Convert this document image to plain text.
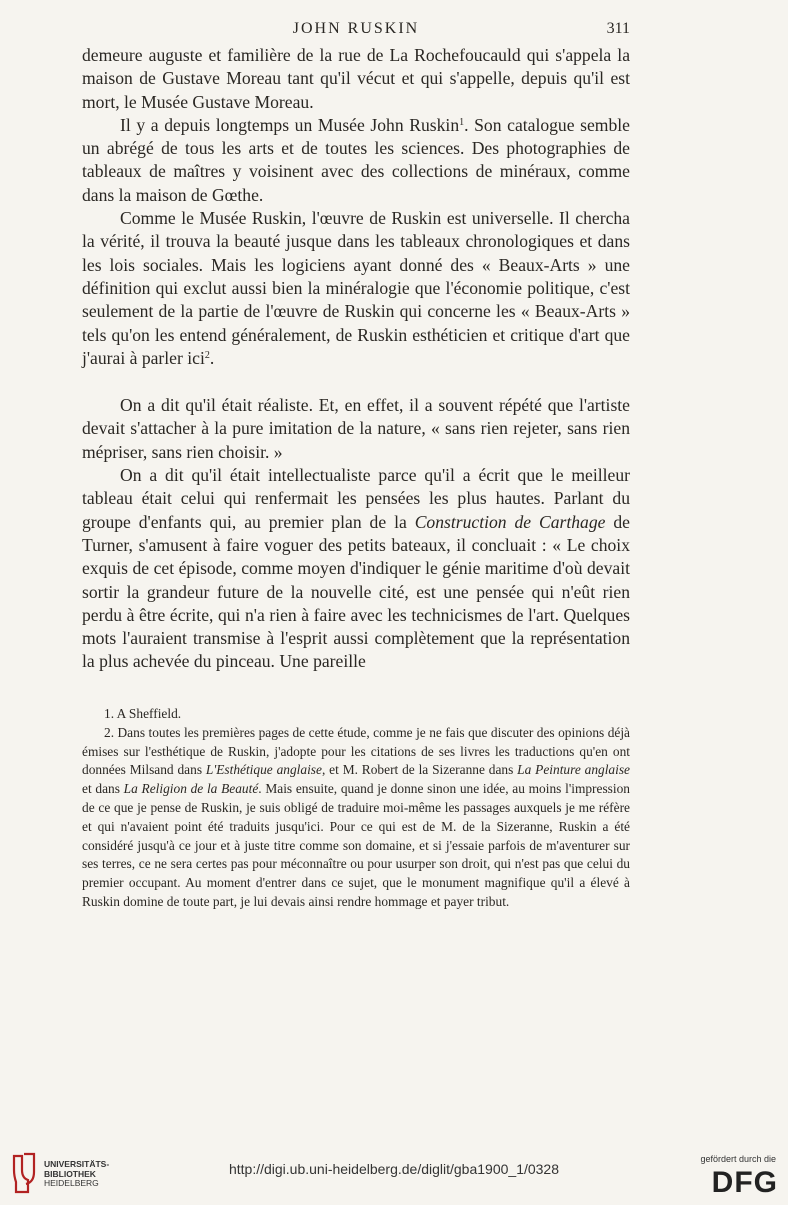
JOHN RUSKIN	311

demeure auguste et familière de la rue de La Rochefoucauld qui s'appela la maison de Gustave Moreau tant qu'il vécut et qui s'appelle, depuis qu'il est mort, le Musée Gustave Moreau.

Il y a depuis longtemps un Musée John Ruskin$^1$. Son catalogue semble un abrégé de tous les arts et de toutes les sciences. Des photographies de tableaux de maîtres y voisinent avec des collections de minéraux, comme dans la maison de Gœthe.

Comme le Musée Ruskin, l'œuvre de Ruskin est universelle. Il chercha la vérité, il trouva la beauté jusque dans les tableaux chronologiques et dans les lois sociales. Mais les logiciens ayant donné des « Beaux-Arts » une définition qui exclut aussi bien la minéralogie que l'économie politique, c'est seulement de la partie de l'œuvre de Ruskin qui concerne les « Beaux-Arts » tels qu'on les entend généralement, de Ruskin esthéticien et critique d'art que j'aurai à parler ici$^2$.

On a dit qu'il était réaliste. Et, en effet, il a souvent répété que l'artiste devait s'attacher à la pure imitation de la nature, « sans rien rejeter, sans rien mépriser, sans rien choisir. »

On a dit qu'il était intellectualiste parce qu'il a écrit que le meilleur tableau était celui qui renfermait les pensées les plus hautes. Parlant du groupe d'enfants qui, au premier plan de la Construction de Carthage de Turner, s'amusent à faire voguer des petits bateaux, il concluait : « Le choix exquis de cet épisode, comme moyen d'indiquer le génie maritime d'où devait sortir la grandeur future de la nouvelle cité, est une pensée qui n'eût rien perdu à être écrite, qui n'a rien à faire avec les technicismes de l'art. Quelques mots l'auraient transmise à l'esprit aussi complètement que la représentation la plus achevée du pinceau. Une pareille

1. A Sheffield.

2. Dans toutes les premières pages de cette étude, comme je ne fais que discuter des opinions déjà émises sur l'esthétique de Ruskin, j'adopte pour les citations de ses livres les traductions qu'en ont données Milsand dans L'Esthétique anglaise, et M. Robert de la Sizeranne dans La Peinture anglaise et dans La Religion de la Beauté. Mais ensuite, quand je donne sinon une idée, au moins l'impression de ce que je pense de Ruskin, je suis obligé de traduire moi-même les passages auxquels je me réfère et qui n'avaient point été traduits jusqu'ici. Pour ce qui est de M. de la Sizeranne, Ruskin a été considéré jusqu'à ce jour et à juste titre comme son domaine, et si j'essaie parfois de m'aventurer sur ses terres, ce ne sera certes pas pour méconnaître ou pour usurper son droit, qui n'est pas que celui du premier occupant. Au moment d'entrer dans ce sujet, que le monument magnifique qu'il a élevé à Ruskin domine de toute part, je lui devais ainsi rendre hommage et payer tribut.

UNIVERSITÄTS-
BIBLIOTHEK
HEIDELBERG
http://digi.ub.uni-heidelberg.de/diglit/gba1900_1/0328
gefördert durch die
DFG
